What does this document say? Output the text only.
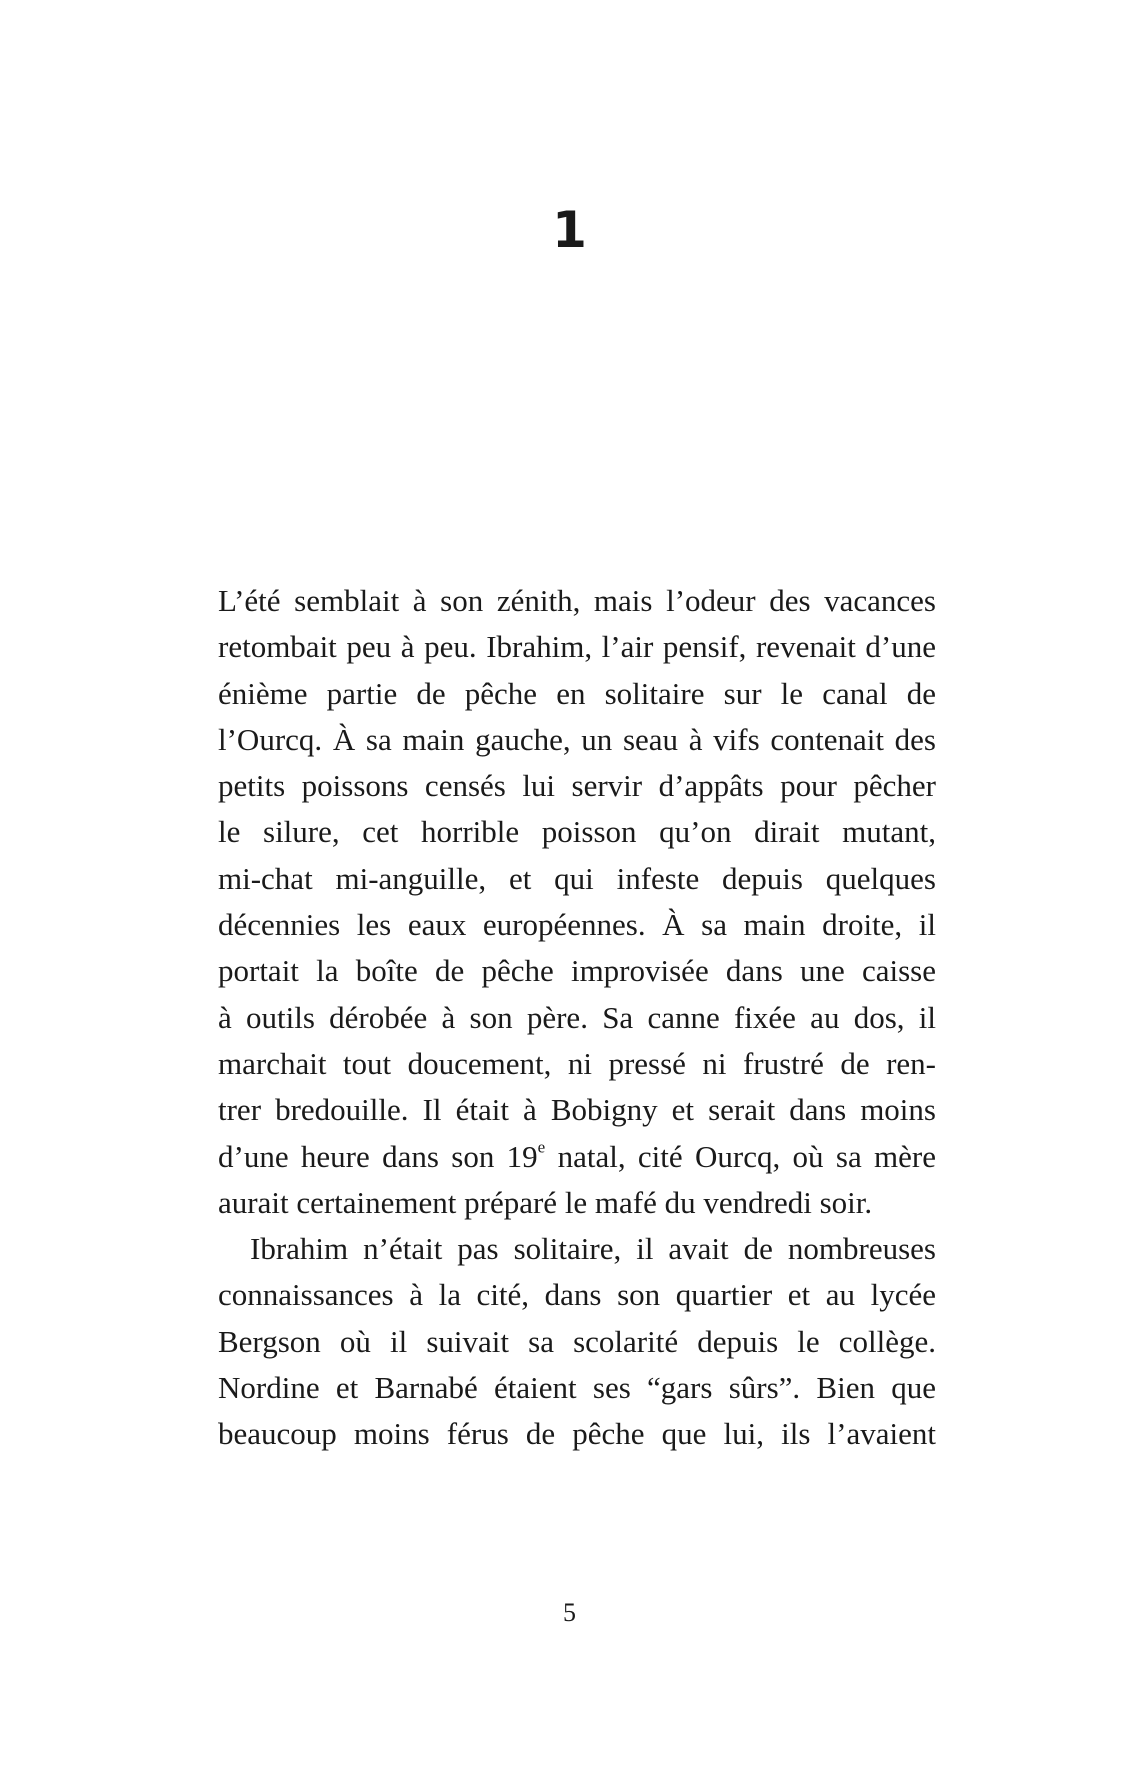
1
L’été semblait à son zénith, mais l’odeur des vacances
retombait peu à peu. Ibrahim, l’air pensif, revenait d’une
énième partie de pêche en solitaire sur le canal de
l’Ourcq. À sa main gauche, un seau à vifs contenait des
petits poissons censés lui servir d’appâts pour pêcher
le silure, cet horrible poisson qu’on dirait mutant,
mi-chat mi-anguille, et qui infeste depuis quelques
décennies les eaux européennes. À sa main droite, il
portait la boîte de pêche improvisée dans une caisse
à outils dérobée à son père. Sa canne fixée au dos, il
marchait tout doucement, ni pressé ni frustré de ren-
trer bredouille. Il était à Bobigny et serait dans moins
d’une heure dans son 19e natal, cité Ourcq, où sa mère
aurait certainement préparé le mafé du vendredi soir.
Ibrahim n’était pas solitaire, il avait de nombreuses
connaissances à la cité, dans son quartier et au lycée
Bergson où il suivait sa scolarité depuis le collège.
Nordine et Barnabé étaient ses “gars sûrs”. Bien que
beaucoup moins férus de pêche que lui, ils l’avaient
5
